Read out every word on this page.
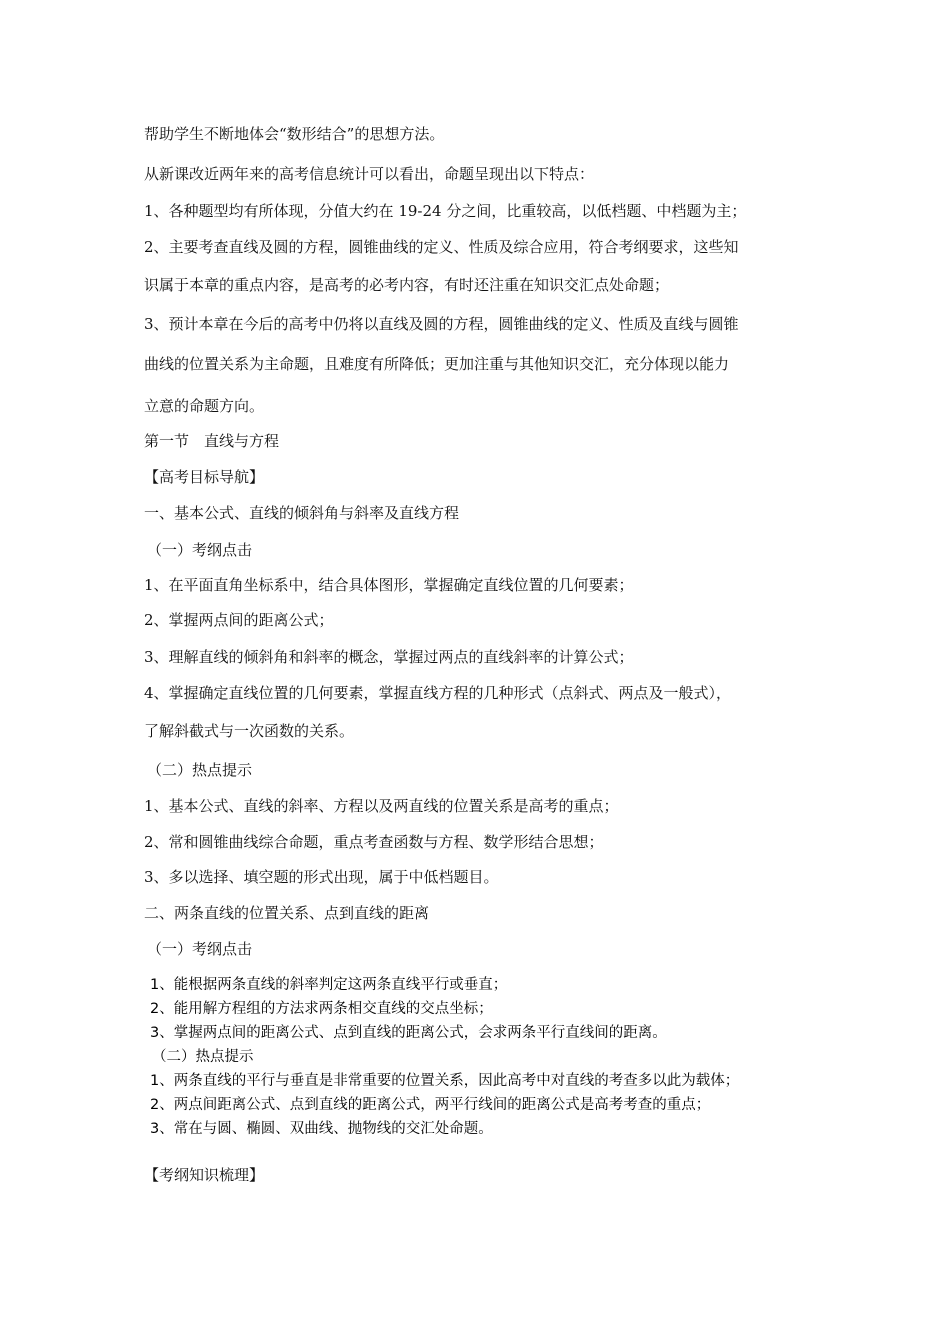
帮助学生不断地体会“数形结合”的思想方法。
从新课改近两年来的高考信息统计可以看出，命题呈现出以下特点：
1、各种题型均有所体现，分值大约在 19-24 分之间，比重较高，以低档题、中档题为主；
2、主要考查直线及圆的方程，圆锥曲线的定义、性质及综合应用，符合考纲要求，这些知
识属于本章的重点内容，是高考的必考内容，有时还注重在知识交汇点处命题；
3、预计本章在今后的高考中仍将以直线及圆的方程，圆锥曲线的定义、性质及直线与圆锥
曲线的位置关系为主命题，且难度有所降低；更加注重与其他知识交汇，充分体现以能力
立意的命题方向。
第一节　直线与方程
【高考目标导航】
一、基本公式、直线的倾斜角与斜率及直线方程
（一）考纲点击
1、在平面直角坐标系中，结合具体图形，掌握确定直线位置的几何要素；
2、掌握两点间的距离公式；
3、理解直线的倾斜角和斜率的概念，掌握过两点的直线斜率的计算公式；
4、掌握确定直线位置的几何要素，掌握直线方程的几种形式（点斜式、两点及一般式），
了解斜截式与一次函数的关系。
（二）热点提示
1、基本公式、直线的斜率、方程以及两直线的位置关系是高考的重点；
2、常和圆锥曲线综合命题，重点考查函数与方程、数学形结合思想；
3、多以选择、填空题的形式出现，属于中低档题目。
二、两条直线的位置关系、点到直线的距离
（一）考纲点击
1、能根据两条直线的斜率判定这两条直线平行或垂直；
2、能用解方程组的方法求两条相交直线的交点坐标；
3、掌握两点间的距离公式、点到直线的距离公式，会求两条平行直线间的距离。
（二）热点提示
1、两条直线的平行与垂直是非常重要的位置关系，因此高考中对直线的考查多以此为载体；
2、两点间距离公式、点到直线的距离公式，两平行线间的距离公式是高考考查的重点；
3、常在与圆、椭圆、双曲线、抛物线的交汇处命题。
【考纲知识梳理】
